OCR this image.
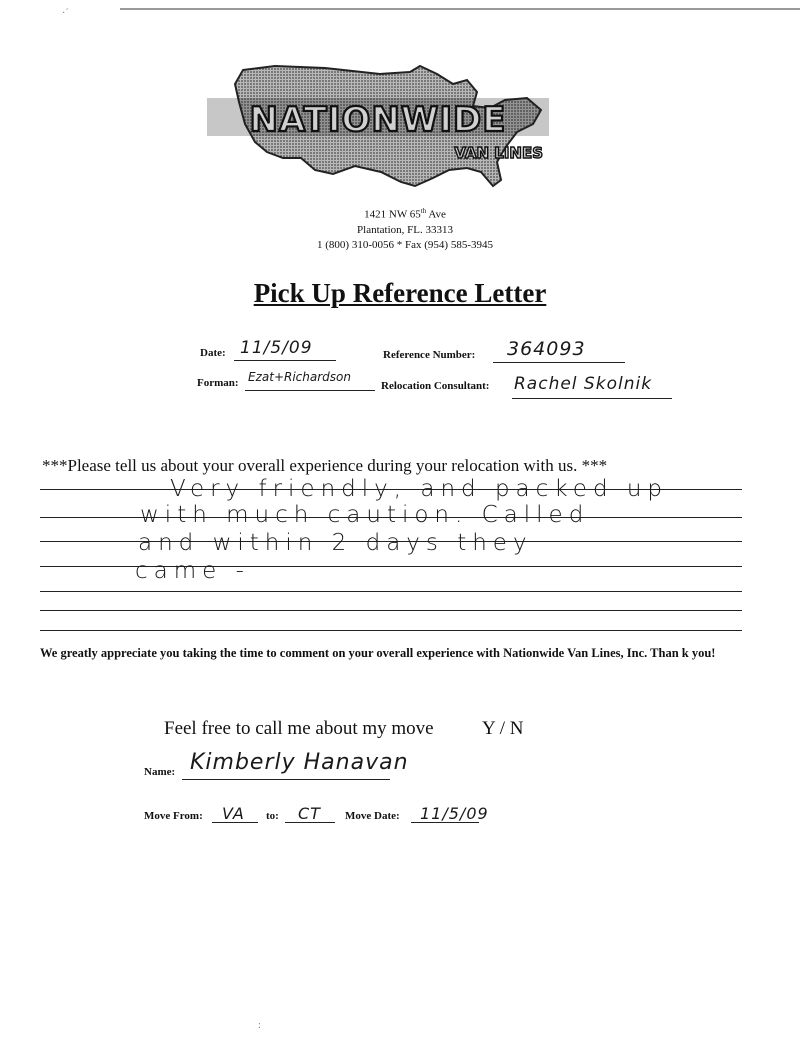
·´
NATIONWIDE
VAN LINES
1421 NW 65th Ave
Plantation, FL. 33313
1 (800) 310-0056 * Fax (954) 585-3945
Pick Up Reference Letter
Date: 11/5/09	Reference Number: 364093
Forman: Ezat+Richardson
Relocation Consultant: Rachel Skolnik
***Please tell us about your overall experience during your relocation with us. ***
Very friendly, and packed up
with much caution. Called
and within 2 days they
came -
We greatly appreciate you taking the time to comment on your overall experience with Nationwide Van Lines, Inc. Than k you!
Feel free to call me about my move	Y / N
Name: Kimberly Hanavan
Move From: VA to: CT Move Date: 11/5/09
:
